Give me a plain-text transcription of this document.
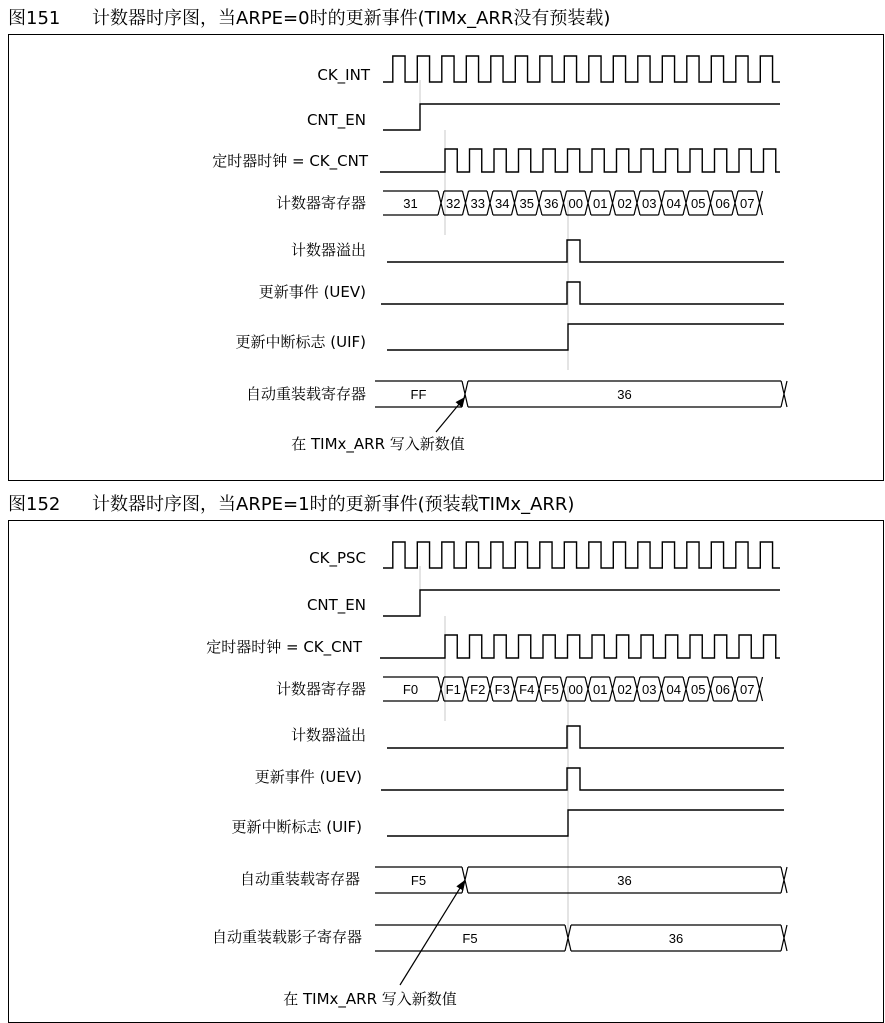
图151 计数器时序图，当ARPE=0时的更新事件(TIMx_ARR没有预装载)
图152 计数器时序图，当ARPE=1时的更新事件(预装载TIMx_ARR)
CK_INT
CNT_EN
定时器时钟 = CK_CNT
计数器寄存器
计数器溢出
更新事件 (UEV)
更新中断标志 (UIF)
自动重装载寄存器
在 TIMx_ARR 写入新数值
31 32 33 34 35 36 00 01 02 03 04 05 06 07
FF	36
CK_PSC
CNT_EN
定时器时钟 = CK_CNT
计数器寄存器
计数器溢出
更新事件 (UEV)
更新中断标志 (UIF)
自动重装载寄存器
自动重装载影子寄存器
在 TIMx_ARR 写入新数值
F0 F1 F2 F3 F4 F5 00 01 02 03 04 05 06 07
F5	36
F5	36
